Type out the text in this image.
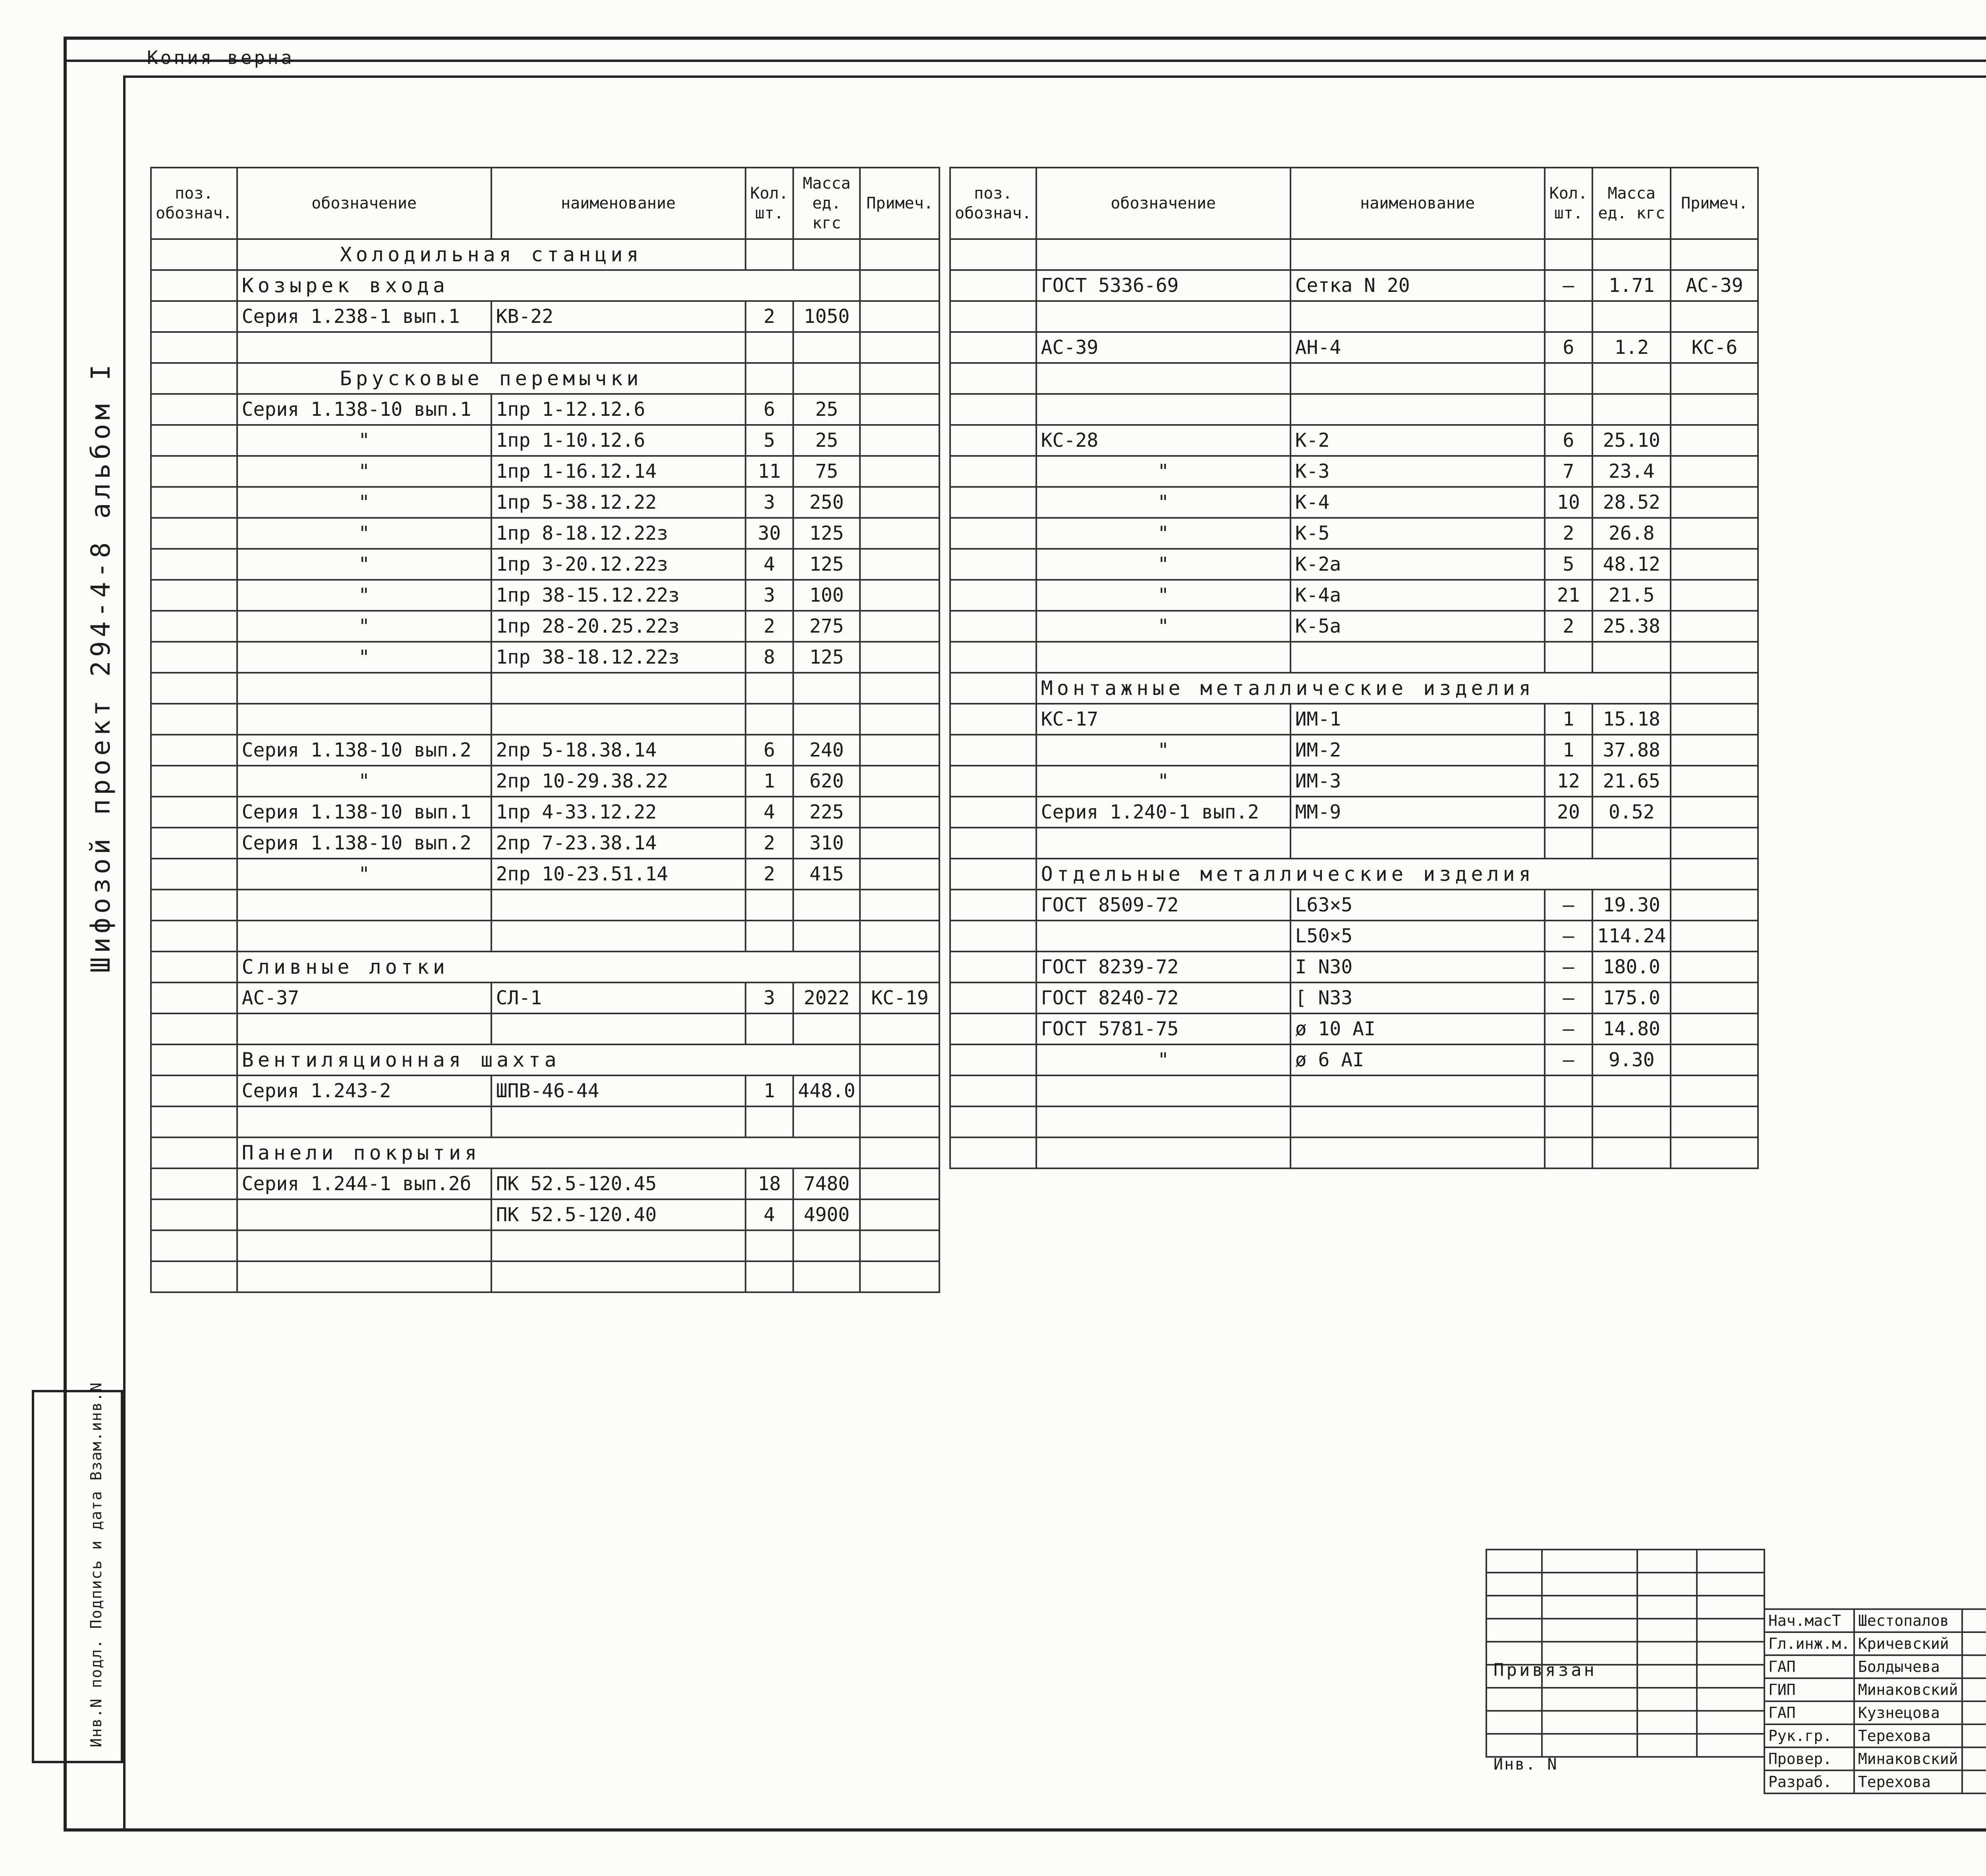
Копия верна
Шифозой проект 294-4-8 альбом I
Инв.N подл. Подпись и дата Взам.инв.N
поз. обознач.	обозначение	наименование	Кол. шт.	Масса ед. кгс	Примеч.
	Холодильная станция				
	Козырек входа				
	Серия 1.238-1 вып.1	КВ-22	2	1050	

	Брусковые перемычки				
	Серия 1.138-10 вып.1	1пр 1-12.12.6	6	25	
	"	1пр 1-10.12.6	5	25	
	"	1пр 1-16.12.14	11	75	
	"	1пр 5-38.12.22	3	250	
	"	1пр 8-18.12.22з	30	125	
	"	1пр 3-20.12.22з	4	125	
	"	1пр 38-15.12.22з	3	100	
	"	1пр 28-20.25.22з	2	275	
	"	1пр 38-18.12.22з	8	125	

	Серия 1.138-10 вып.2	2пр 5-18.38.14	6	240	
	"	2пр 10-29.38.22	1	620	
	Серия 1.138-10 вып.1	1пр 4-33.12.22	4	225	
	Серия 1.138-10 вып.2	2пр 7-23.38.14	2	310	
	"	2пр 10-23.51.14	2	415	

	Сливные лотки				
	АС-37	СЛ-1	3	2022	КС-19

	Вентиляционная шахта				
	Серия 1.243-2	ШПВ-46-44	1	448.0	

	Панели покрытия				
	Серия 1.244-1 вып.2б	ПК 52.5-120.45	18	7480	
		ПК 52.5-120.40	4	4900	

поз. обознач.	обозначение	наименование	Кол. шт.	Масса ед. кгс	Примеч.

	ГОСТ 5336-69	Сетка N 20	—	1.71	АС-39

	АС-39	АН-4	6	1.2	КС-6

	КС-28	К-2	6	25.10	
	"	К-3	7	23.4	
	"	К-4	10	28.52	
	"	К-5	2	26.8	
	"	К-2а	5	48.12	
	"	К-4а	21	21.5	
	"	К-5а	2	25.38	

	Монтажные металлические изделия				
	КС-17	ИМ-1	1	15.18	
	"	ИМ-2	1	37.88	
	"	ИМ-3	12	21.65	
	Серия 1.240-1 вып.2	ММ-9	20	0.52	

	Отдельные металлические изделия				
	ГОСТ 8509-72	L63×5	—	19.30	
		L50×5	—	114.24	
	ГОСТ 8239-72	I N30	—	180.0	
	ГОСТ 8240-72	[ N33	—	175.0	
	ГОСТ 5781-75	ø 10 АI	—	14.80	
	"	ø 6 АI	—	9.30	

Нач.масТ	Шестопалов		
Гл.инж.м.	Кричевский		
ГАП	Болдычева		
ГИП	Минаковский		
ГАП	Кузнецова		
Рук.гр.	Терехова		
Провер.	Минаковский		
Разраб.	Терехова		

Привязан
Инв. N
